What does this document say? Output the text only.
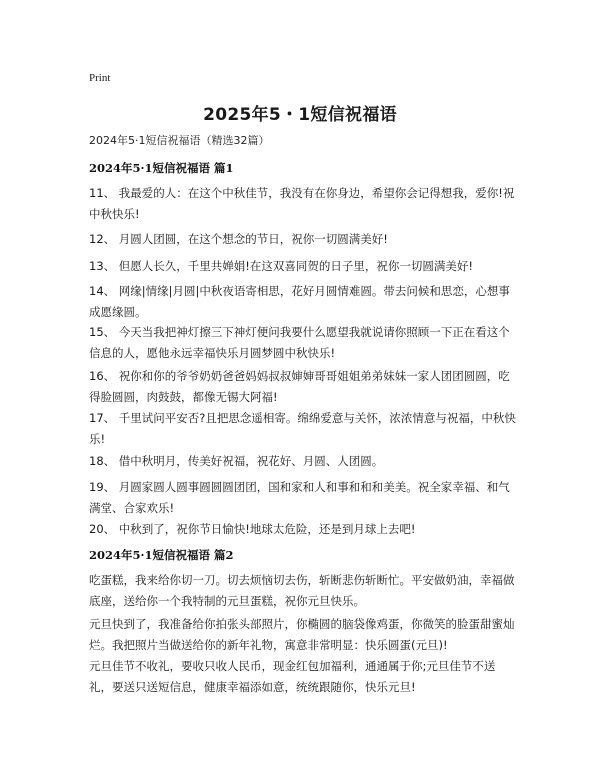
Print
2025年5・1短信祝福语
2024年5·1短信祝福语（精选32篇）
2024年5·1短信祝福语 篇1
11、 我最爱的人：在这个中秋佳节，我没有在你身边，希望你会记得想我，爱你!祝中秋快乐!
12、 月圆人团圆，在这个想念的节日，祝你一切圆满美好!
13、 但愿人长久，千里共婵娟!在这双喜同贺的日子里，祝你一切圆满美好!
14、 网缘|情缘|月圆|中秋夜语寄相思，花好月圆情难圆。带去问候和思恋，心想事成愿缘圆。
15、 今天当我把神灯擦三下神灯便问我要什么愿望我就说请你照顾一下正在看这个信息的人，愿他永远幸福快乐月圆梦圆中秋快乐!
16、 祝你和你的爷爷奶奶爸爸妈妈叔叔婶婶哥哥姐姐弟弟妹妹一家人团团圆圆，吃得脸圆圆，肉鼓鼓，都像无锡大阿福!
17、 千里试问平安否?且把思念遥相寄。绵绵爱意与关怀，浓浓情意与祝福，中秋快乐!
18、 借中秋明月，传美好祝福，祝花好、月圆、人团圆。
19、 月圆家圆人圆事圆圆圆团团，国和家和人和事和和和美美。祝全家幸福、和气满堂、合家欢乐!
20、 中秋到了，祝你节日愉快!地球太危险，还是到月球上去吧!
2024年5·1短信祝福语 篇2
吃蛋糕，我来给你切一刀。切去烦恼切去伤，斩断悲伤斩断忙。平安做奶油，幸福做底座，送给你一个我特制的元旦蛋糕，祝你元旦快乐。
元旦快到了，我准备给你拍张头部照片，你椭圆的脑袋像鸡蛋，你微笑的脸蛋甜蜜灿烂。我把照片当做送给你的新年礼物，寓意非常明显：快乐圆蛋(元旦)!
元旦佳节不收礼，要收只收人民币，现金红包加福利，通通属于你;元旦佳节不送礼，要送只送短信息，健康幸福添如意，统统跟随你，快乐元旦!
